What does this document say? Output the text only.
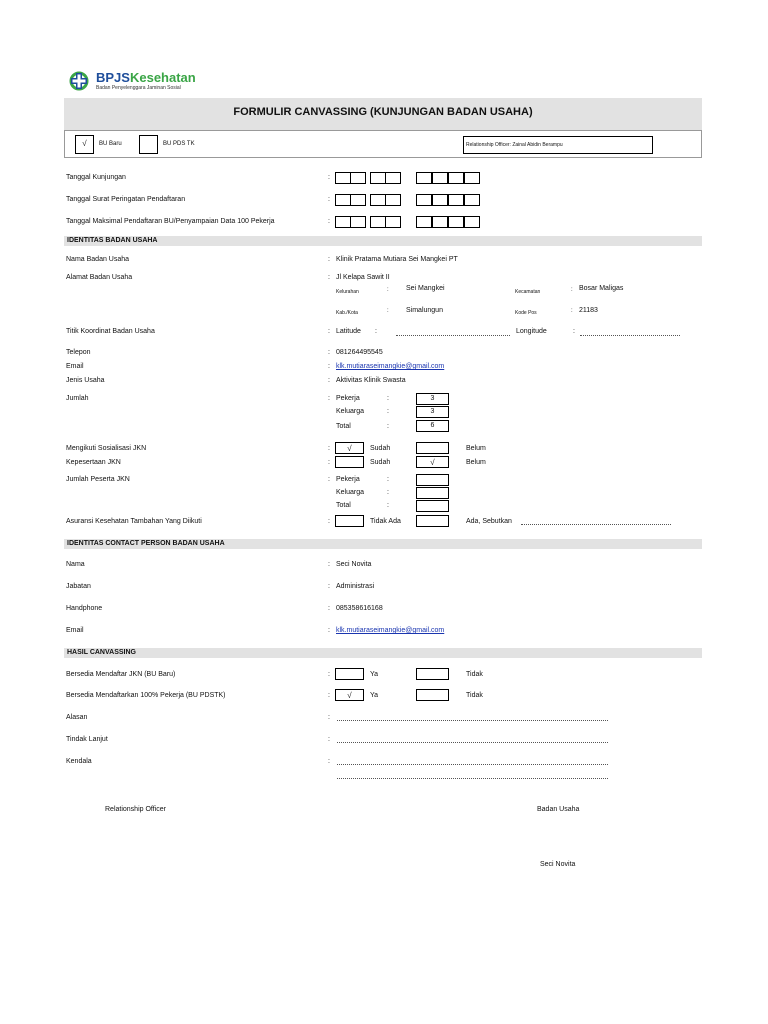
BPJSKesehatan
Badan Penyelenggara Jaminan Sosial
FORMULIR CANVASSING (KUNJUNGAN BADAN USAHA)
√	BU Baru	BU PDS TK	Relationship Officer: Zainal Abidin Berampu
Tanggal Kunjungan	:
Tanggal Surat Peringatan Pendaftaran	:
Tanggal Maksimal Pendaftaran BU/Penyampaian Data 100 Pekerja	:
IDENTITAS BADAN USAHA
Nama Badan Usaha	: Klinik Pratama Mutiara Sei Mangkei PT
Alamat Badan Usaha	: Jl Kelapa Sawit II
Kelurahan	: Sei Mangkei	Kecamatan	: Bosar Maligas
Kab./Kota	: Simalungun	Kode Pos	: 21183
Titik Koordinat Badan Usaha	: Latitude :	Longitude	:
Telepon	: 081264495545
Email	: klk.mutiaraseimangkie@gmail.com
Jenis Usaha	: Aktivitas Klinik Swasta
Jumlah	: Pekerja	:	3
Keluarga	:	3
Total	:	6
Mengikuti Sosialisasi JKN	:	√	Sudah	Belum
Kepesertaan JKN	:	Sudah	√	Belum
Jumlah Peserta JKN	: Pekerja	:
Keluarga	:
Total	:
Asuransi Kesehatan Tambahan Yang Diikuti	:	Tidak Ada	Ada, Sebutkan
IDENTITAS CONTACT PERSON BADAN USAHA
Nama	: Seci Novita
Jabatan	: Administrasi
Handphone	: 085358616168
Email	: klk.mutiaraseimangkie@gmail.com
HASIL CANVASSING
Bersedia Mendaftar JKN (BU Baru)	:	Ya	Tidak
Bersedia Mendaftarkan 100% Pekerja (BU PDSTK)	:	√	Ya	Tidak
Alasan	:
Tindak Lanjut	:
Kendala	:
Relationship Officer	Badan Usaha
Seci Novita
